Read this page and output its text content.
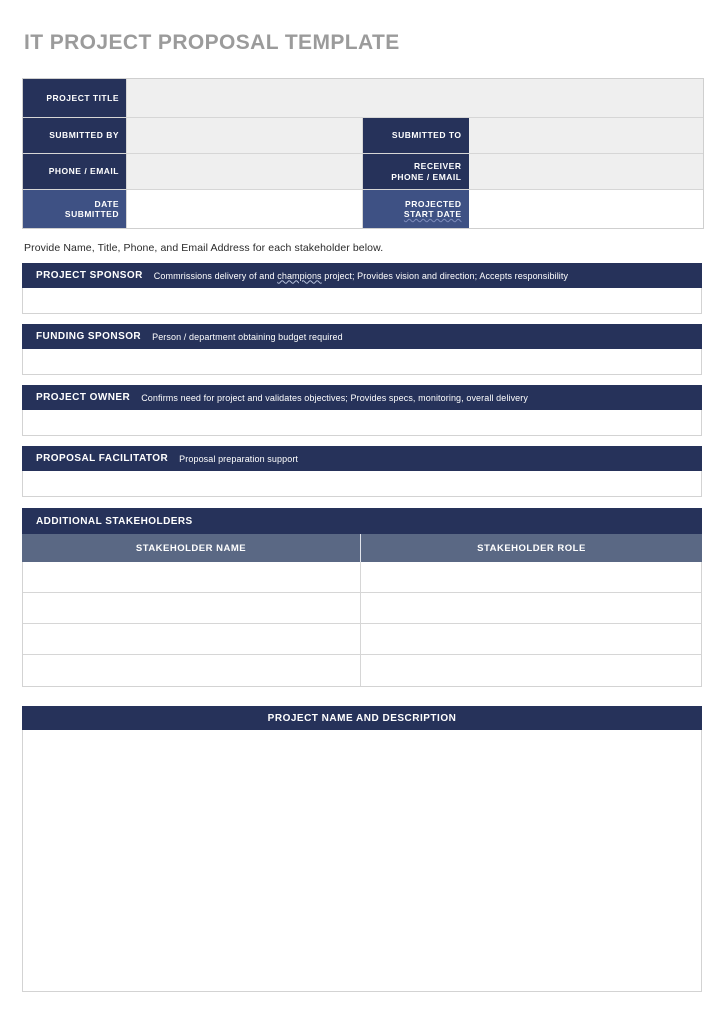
IT PROJECT PROPOSAL TEMPLATE
PROJECT TITLE
SUBMITTED BY	SUBMITTED TO
PHONE / EMAIL
RECEIVER
PHONE / EMAIL
DATE
SUBMITTED
PROJECTED
START DATE
Provide Name, Title, Phone, and Email Address for each stakeholder below.
PROJECT SPONSOR Commrissions delivery of and champions project; Provides vision and direction; Accepts responsibility
FUNDING SPONSOR Person / department obtaining budget required
PROJECT OWNER Confirms need for project and validates objectives; Provides specs, monitoring, overall delivery
PROPOSAL FACILITATOR Proposal preparation support
ADDITIONAL STAKEHOLDERS
STAKEHOLDER NAME	STAKEHOLDER ROLE
PROJECT NAME AND DESCRIPTION
